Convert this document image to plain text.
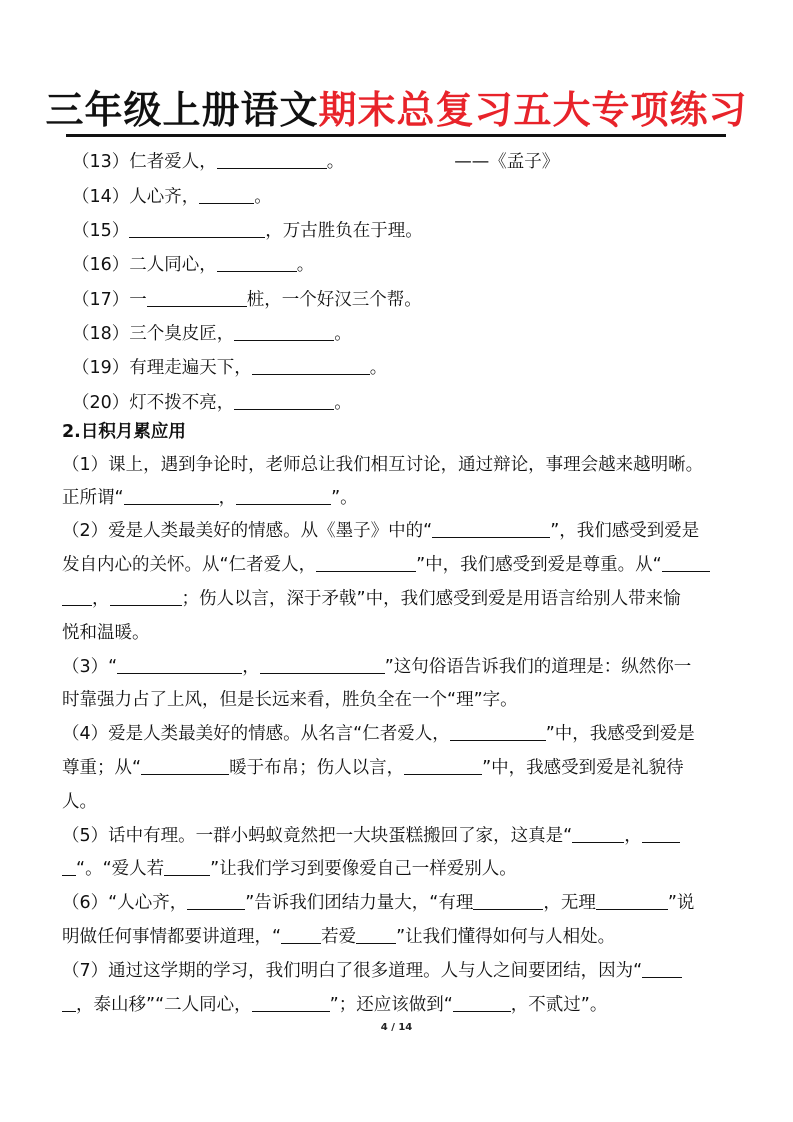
三年级上册语文期末总复习五大专项练习
（13）仁者爱人，	。	——《孟子》
（14）人心齐，	。
（15）	，万古胜负在于理。
（16）二人同心，	。
（17）一	桩，一个好汉三个帮。
（18）三个臭皮匠，	。
（19）有理走遍天下，	。
（20）灯不拨不亮，	。
2.日积月累应用
（1）课上，遇到争论时，老师总让我们相互讨论，通过辩论，事理会越来越明晰。
正所谓“	，	”。
（2）爱是人类最美好的情感。从《墨子》中的“	”，我们感受到爱是
发自内心的关怀。从“仁者爱人，	”中，我们感受到爱是尊重。从“
，	；伤人以言，深于矛戟”中，我们感受到爱是用语言给别人带来愉
悦和温暖。
（3）“	，	”这句俗语告诉我们的道理是：纵然你一
时靠强力占了上风，但是长远来看，胜负全在一个“理”字。
（4）爱是人类最美好的情感。从名言“仁者爱人，	”中，我感受到爱是
尊重；从“	暖于布帛；伤人以言，	”中，我感受到爱是礼貌待
人。
（5）话中有理。一群小蚂蚁竟然把一大块蛋糕搬回了家，这真是“	，
“。“爱人若	”让我们学习到要像爱自己一样爱别人。
（6）“人心齐，	”告诉我们团结力量大，“有理	，无理	”说
明做任何事情都要讲道理，“ 若爱 ”让我们懂得如何与人相处。
（7）通过这学期的学习，我们明白了很多道理。人与人之间要团结，因为“
，泰山移”“二人同心，	”；还应该做到“	，不贰过”。
4 / 14
